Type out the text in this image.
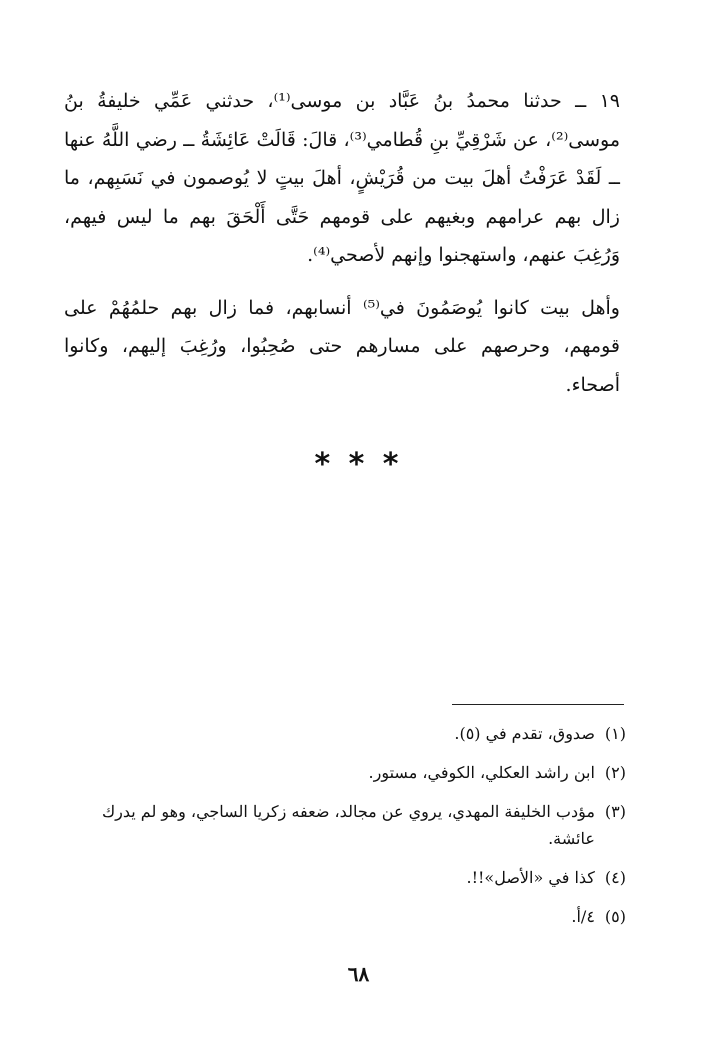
١٩ ــ حدثنا محمدُ بنُ عَبَّاد بن موسى⁽¹⁾، حدثني عَمِّي خليفةُ بنُ موسى⁽²⁾، عن شَرْقِيِّ بنِ قُطامي⁽³⁾، قالَ: قَالَتْ عَائِشَةُ ــ رضي اللَّهُ عنها ــ لَقَدْ عَرَفْتُ أهلَ بيت من قُرَيْشٍ، أهلَ بيتٍ لا يُوصمون في نَسَبِهم، ما زال بهم عرامهم وبغيهم على قومهم حَتَّى أَلْحَقَ بهم ما ليس فيهم، وَرُغِبَ عنهم، واستهجنوا وإنهم لأصحي⁽⁴⁾.

وأهل بيت كانوا يُوصَمُونَ في⁽⁵⁾ أنسابهم، فما زال بهم حلمُهُمْ على قومهم، وحرصهم على مسارهم حتى صُحِبُوا، ورُغِبَ إليهم، وكانوا أصحاء.

* * *
(١)
صدوق، تقدم في (٥).
(٢)
ابن راشد العكلي، الكوفي، مستور.
(٣)
مؤدب الخليفة المهدي، يروي عن مجالد، ضعفه زكريا الساجي، وهو لم يدرك عائشة.
(٤)
كذا في «الأصل»!!.
(٥)
٤/أ.
٦٨
